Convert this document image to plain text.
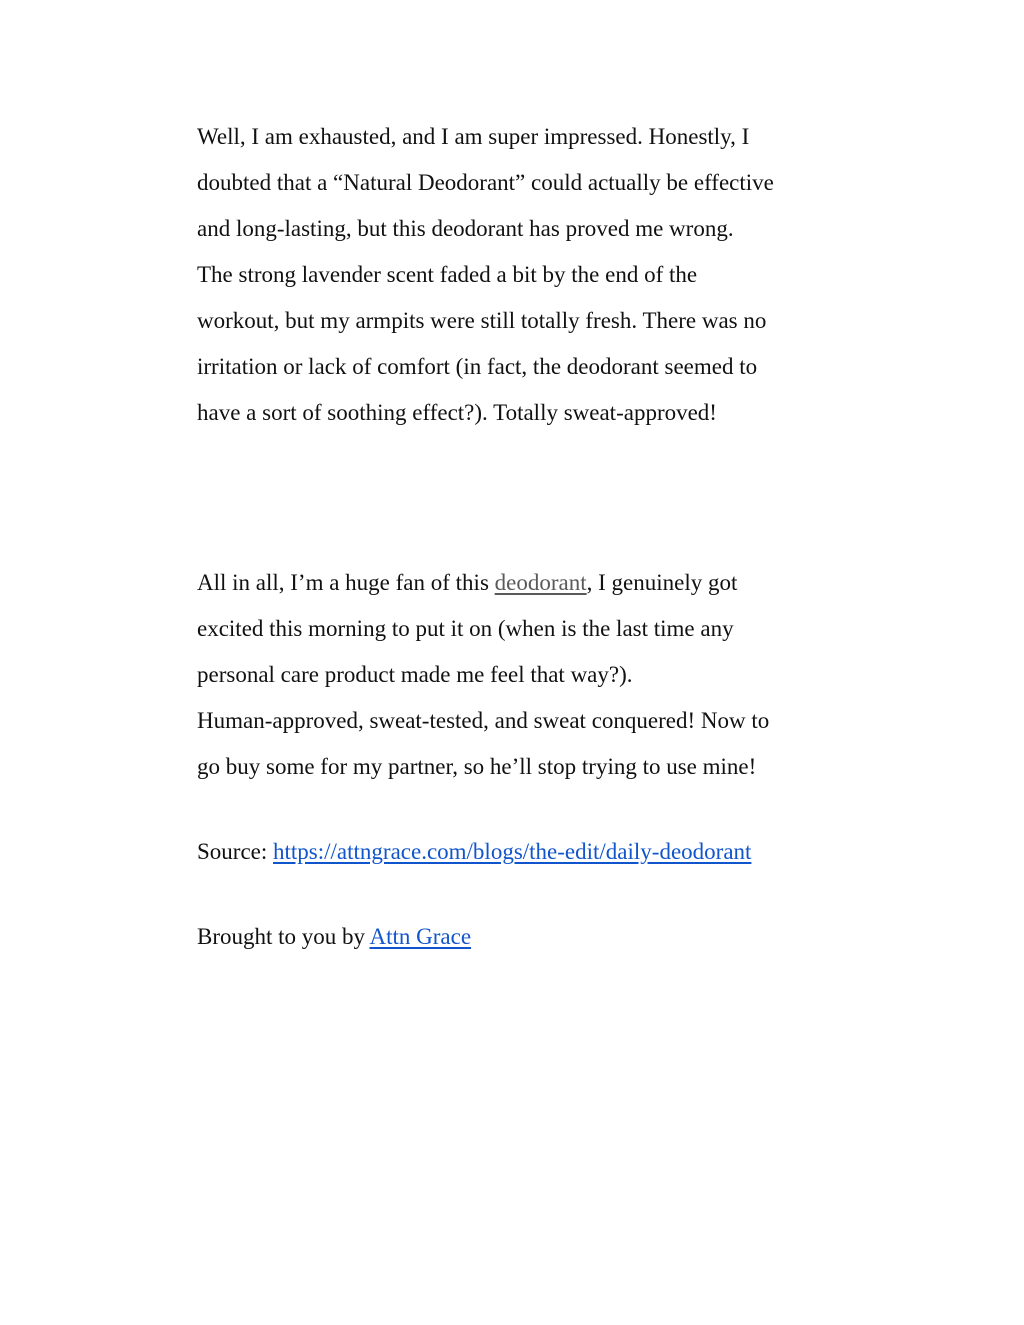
Well, I am exhausted, and I am super impressed. Honestly, I
doubted that a “Natural Deodorant” could actually be effective
and long-lasting, but this deodorant has proved me wrong.
The strong lavender scent faded a bit by the end of the
workout, but my armpits were still totally fresh. There was no
irritation or lack of comfort (in fact, the deodorant seemed to
have a sort of soothing effect?). Totally sweat-approved!

All in all, I’m a huge fan of this deodorant, I genuinely got
excited this morning to put it on (when is the last time any
personal care product made me feel that way?).
Human-approved, sweat-tested, and sweat conquered! Now to
go buy some for my partner, so he’ll stop trying to use mine!

Source: https://attngrace.com/blogs/the-edit/daily-deodorant

Brought to you by Attn Grace
